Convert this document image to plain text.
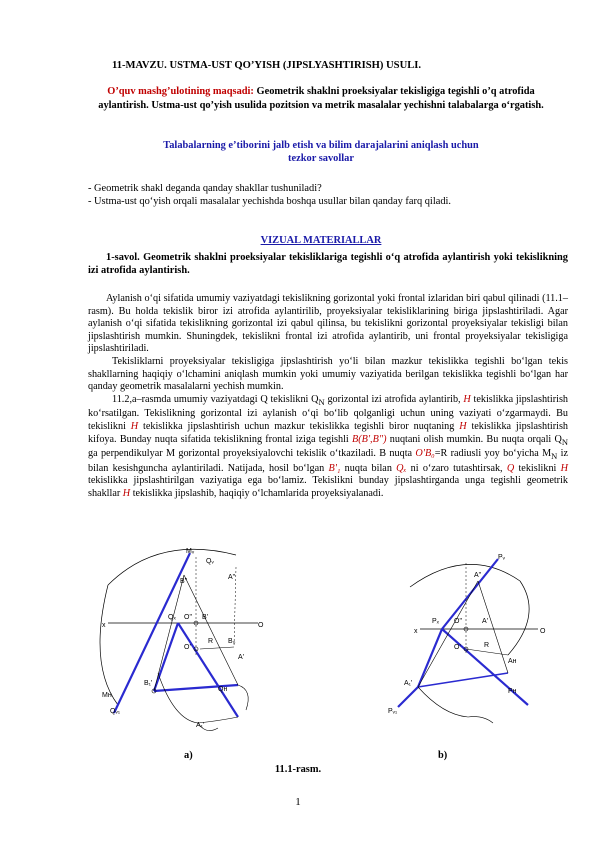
11-MAVZU. USTMA-UST QO’YISH (JIPSLYASHTIRISH) USULI.
O’quv mashg’ulotining maqsadi: Geometrik shaklni proeksiyalar tekisligiga tegishli o’q atrofida aylantirish. Ustma-ust qo’yish usulida pozitsion va metrik masalalar yechishni talabalarga o‘rgatish.
Talabalarning e’tiborini jalb etish va bilim darajalarini aniqlash uchun
tezkor savollar
- Geometrik shakl deganda qanday shakllar tushuniladi?
- Ustma-ust qo‘yish orqali masalalar yechishda boshqa usullar bilan qanday farq qiladi.
VIZUAL MATERIALLAR
1-savol. Geometrik shaklni proeksiyalar tekisliklariga tegishli o‘q atrofida aylantirish yoki tekislikning izi atrofida aylantirish.

Aylanish o‘qi sifatida umumiy vaziyatdagi tekislikning gorizontal yoki frontal izlaridan biri qabul qilinadi (11.1–rasm). Bu holda tekislik biror izi atrofida aylantirilib, proyeksiyalar tekisliklarining biriga jipslashtiriladi. Agar aylanish o‘qi sifatida tekislikning gorizontal izi qabul qilinsa, bu tekislikni gorizontal proyeksiyalar tekisligi bilan jipslashtirish mumkin. Shuningdek, tekislikni frontal izi atrofida aylantirib, uni frontal proyeksiyalar tekisligiga jipslashtiriladi.

Tekisliklarni proyeksiyalar tekisligiga jipslashtirish yo‘li bilan mazkur tekislikka tegishli bo‘lgan tekis shakllarning haqiqiy o‘lchamini aniqlash mumkin yoki umumiy vaziyatida berilgan tekislikka tegishli bo‘lgan har qanday geometrik masalalarni yechish mumkin.

11.2,a–rasmda umumiy vaziyatdagi Q tekislikni $Q_N$ gorizontal izi atrofida aylantirib, H tekislikka jipslashtirish ko‘rsatilgan. Tekislikning gorizontal izi aylanish o‘qi bo‘lib qolganligi uchun uning vaziyati o‘zgarmaydi. Bu tekislikni H tekislikka jipslashtirish uchun mazkur tekislikka tegishli biror nuqtaning H tekislikka jipslashtirish kifoya. Bunday nuqta sifatida tekislikning frontal iziga tegishli B(B',B") nuqtani olish mumkin. Bu nuqta orqali $Q_N$ ga perpendikulyar M gorizontal proyeksiyalovchi tekislik o‘tkaziladi. B nuqta O'B₀=R radiusli yoy bo‘yicha $M_N$ iz bilan kesishguncha aylantiriladi. Natijada, hosil bo‘lgan B'₁ nuqta bilan Qₓ ni o‘zaro tutashtirsak, Q tekislikni H tekislikka jipslashtirilgan vaziyatiga ega bo‘lamiz. Tekislikni bunday jipslashtirganda unga tegishli geometrik shakllar H tekislikka jipslashib, haqiqiy o‘lchamlarida proyeksiyalanadi.

Mᵥ
Qᵥ
B"
A"
x
Qₓ O" B'
O
O'
R B₀
A'
B₁'
Qн
Mн
Qᵥ₁
A₁'
Pᵥ
A"
Pₓ O"	A'
x	O
O'	R
Aн
A₁'
Pн
Pᵥ₁
a)	b)
11.1-rasm.
1
